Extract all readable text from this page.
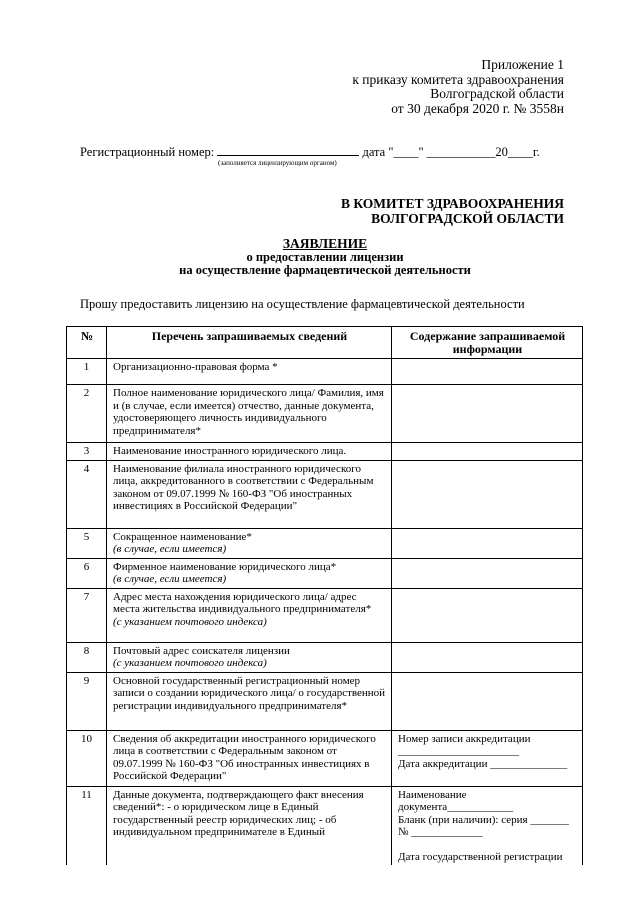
Приложение 1
к приказу комитета здравоохранения
Волгоградской области
от 30 декабря 2020 г. № 3558н
Регистрационный номер:	дата "____" ___________20____г.
(заполняется лицензирующим органом)
В КОМИТЕТ ЗДРАВООХРАНЕНИЯ
ВОЛГОГРАДСКОЙ ОБЛАСТИ
ЗАЯВЛЕНИЕ
о предоставлении лицензии
на осуществление фармацевтической деятельности
Прошу предоставить лицензию на осуществление фармацевтической деятельности
№	Перечень запрашиваемых сведений	Содержание запрашиваемой информации
1	Организационно-правовая форма *	
2	Полное наименование юридического лица/ Фамилия, имя и (в случае, если имеется) отчество, данные документа, удостоверяющего личность индивидуального предпринимателя*	
3	Наименование иностранного юридического лица.	
4	Наименование филиала иностранного юридического лица, аккредитованного в соответствии с Федеральным законом от 09.07.1999 № 160-ФЗ "Об иностранных инвестициях в Российской Федерации"	
5	Сокращенное наименование*
(в случае, если имеется)	
6	Фирменное наименование юридического лица*
(в случае, если имеется)	
7	Адрес места нахождения юридического лица/ адрес места жительства индивидуального предпринимателя*
(с указанием почтового индекса)	
8	Почтовый адрес соискателя лицензии
(с указанием почтового индекса)	
9	Основной государственный регистрационный номер записи о создании юридического лица/ о государственной регистрации индивидуального предпринимателя*	
10	Сведения об аккредитации иностранного юридического лица в соответствии с Федеральным законом от 09.07.1999 № 160-ФЗ "Об иностранных инвестициях в Российской Федерации"	Номер записи аккредитации
______________________
Дата аккредитации ______________

11	Данные документа, подтверждающего факт внесения сведений*: - о юридическом лице в Единый государственный реестр юридических лиц; - об индивидуальном предпринимателе в Единый	Наименование документа____________
Бланк (при наличии): серия _______
№ _____________
Дата государственной регистрации
